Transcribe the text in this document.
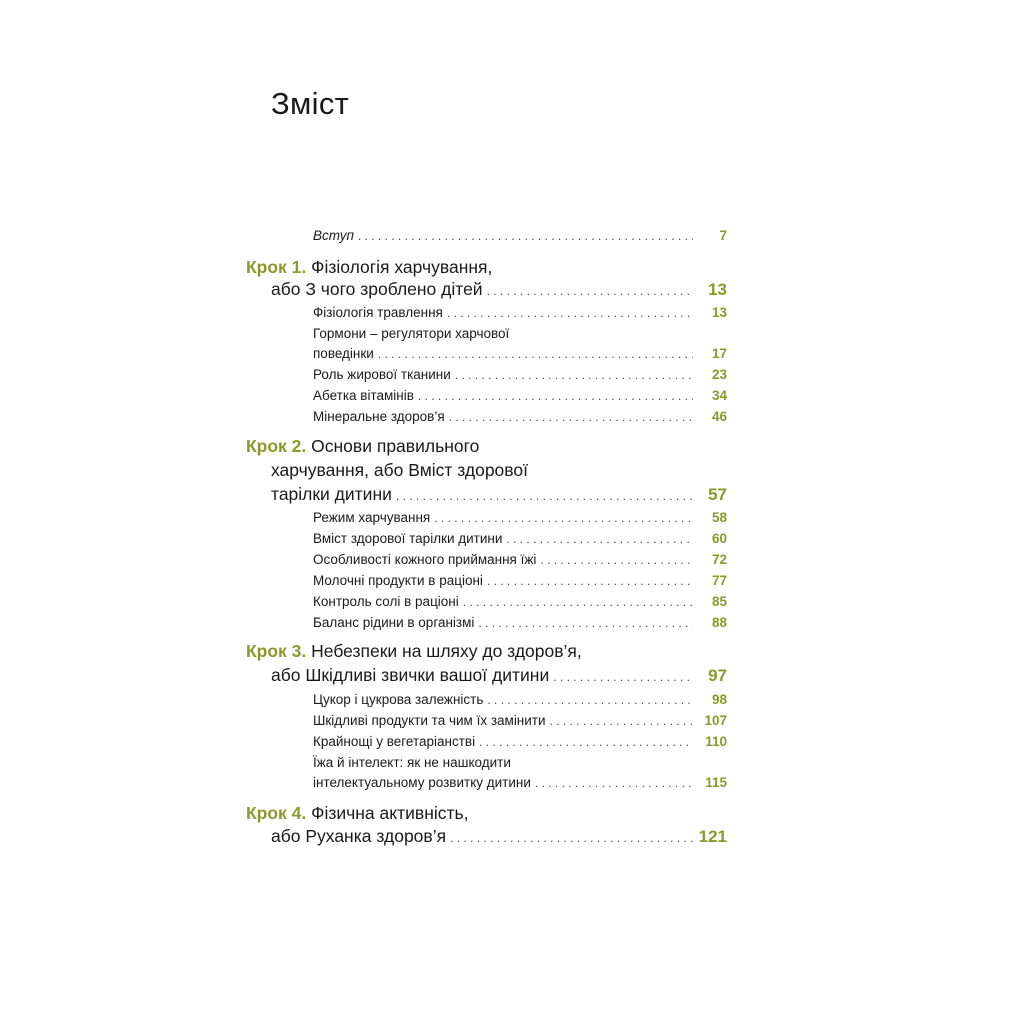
Зміст
Вступ . . .	7
Крок 1. Фізіологія харчування,
або З чого зроблено дітей . . .	13
Фізіологія травлення . . .	13
Гормони – регулятори харчової
поведінки . . .	17
Роль жирової тканини . . .	23
Абетка вітамінів . . .	34
Мінеральне здоров’я . . .	46
Крок 2. Основи правильного
харчування, або Вміст здорової
тарілки дитини . . .	57
Режим харчування . . .	58
Вміст здорової тарілки дитини . . .	60
Особливості кожного приймання їжі . . .	72
Молочні продукти в раціоні . . .	77
Контроль солі в раціоні . . .	85
Баланс рідини в організмі . . .	88
Крок 3. Небезпеки на шляху до здоров’я,
або Шкідливі звички вашої дитини . . .	97
Цукор і цукрова залежність . . .	98
Шкідливі продукти та чим їх замінити . . .	107
Крайнощі у вегетаріанстві . . .	110
Їжа й інтелект: як не нашкодити
інтелектуальному розвитку дитини . . .	115
Крок 4. Фізична активність,
або Руханка здоров’я . . .	121
